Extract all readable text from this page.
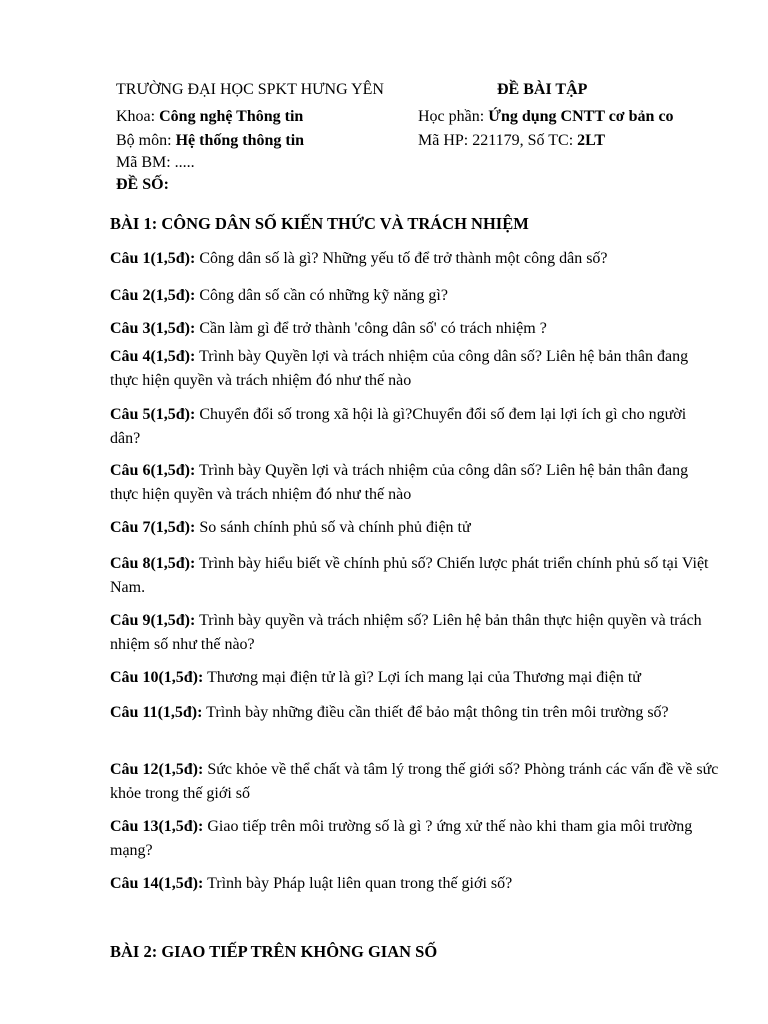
TRƯỜNG ĐẠI HỌC SPKT HƯNG YÊN	ĐỀ BÀI TẬP
Khoa: Công nghệ Thông tin	Học phần: Ứng dụng CNTT cơ bản co
Bộ môn: Hệ thống thông tin	Mã HP: 221179, Số TC: 2LT
Mã BM: .....
ĐỀ SỐ:
BÀI 1: CÔNG DÂN SỐ KIẾN THỨC VÀ TRÁCH NHIỆM
Câu 1(1,5đ): Công dân số là gì? Những yếu tố để trở thành một công dân số?
Câu 2(1,5đ): Công dân số cần có những kỹ năng gì?
Câu 3(1,5đ): Cần làm gì để trở thành 'công dân số' có trách nhiệm ?
Câu 4(1,5đ): Trình bày Quyền lợi và trách nhiệm của công dân số? Liên hệ bản thân đang thực hiện quyền và trách nhiệm đó như thế nào
Câu 5(1,5đ): Chuyển đổi số trong xã hội là gì?Chuyển đổi số đem lại lợi ích gì cho người dân?
Câu 6(1,5đ): Trình bày Quyền lợi và trách nhiệm của công dân số? Liên hệ bản thân đang thực hiện quyền và trách nhiệm đó như thế nào
Câu 7(1,5đ): So sánh chính phủ số và chính phủ điện tử
Câu 8(1,5đ): Trình bày hiểu biết về chính phủ số? Chiến lược phát triển chính phủ số tại Việt Nam.
Câu 9(1,5đ): Trình bày quyền và trách nhiệm số? Liên hệ bản thân thực hiện quyền và trách nhiệm số như thế nào?
Câu 10(1,5đ): Thương mại điện tử là gì? Lợi ích mang lại của Thương mại điện tử
Câu 11(1,5đ): Trình bày những điều cần thiết để bảo mật thông tin trên môi trường số?
Câu 12(1,5đ): Sức khỏe về thể chất và tâm lý trong thế giới số? Phòng tránh các vấn đề về sức khỏe trong thế giới số
Câu 13(1,5đ): Giao tiếp trên môi trường số là gì ? ứng xử thế nào khi tham gia môi trường mạng?
Câu 14(1,5đ): Trình bày Pháp luật liên quan trong thế giới số?
BÀI 2: GIAO TIẾP TRÊN KHÔNG GIAN SỐ
